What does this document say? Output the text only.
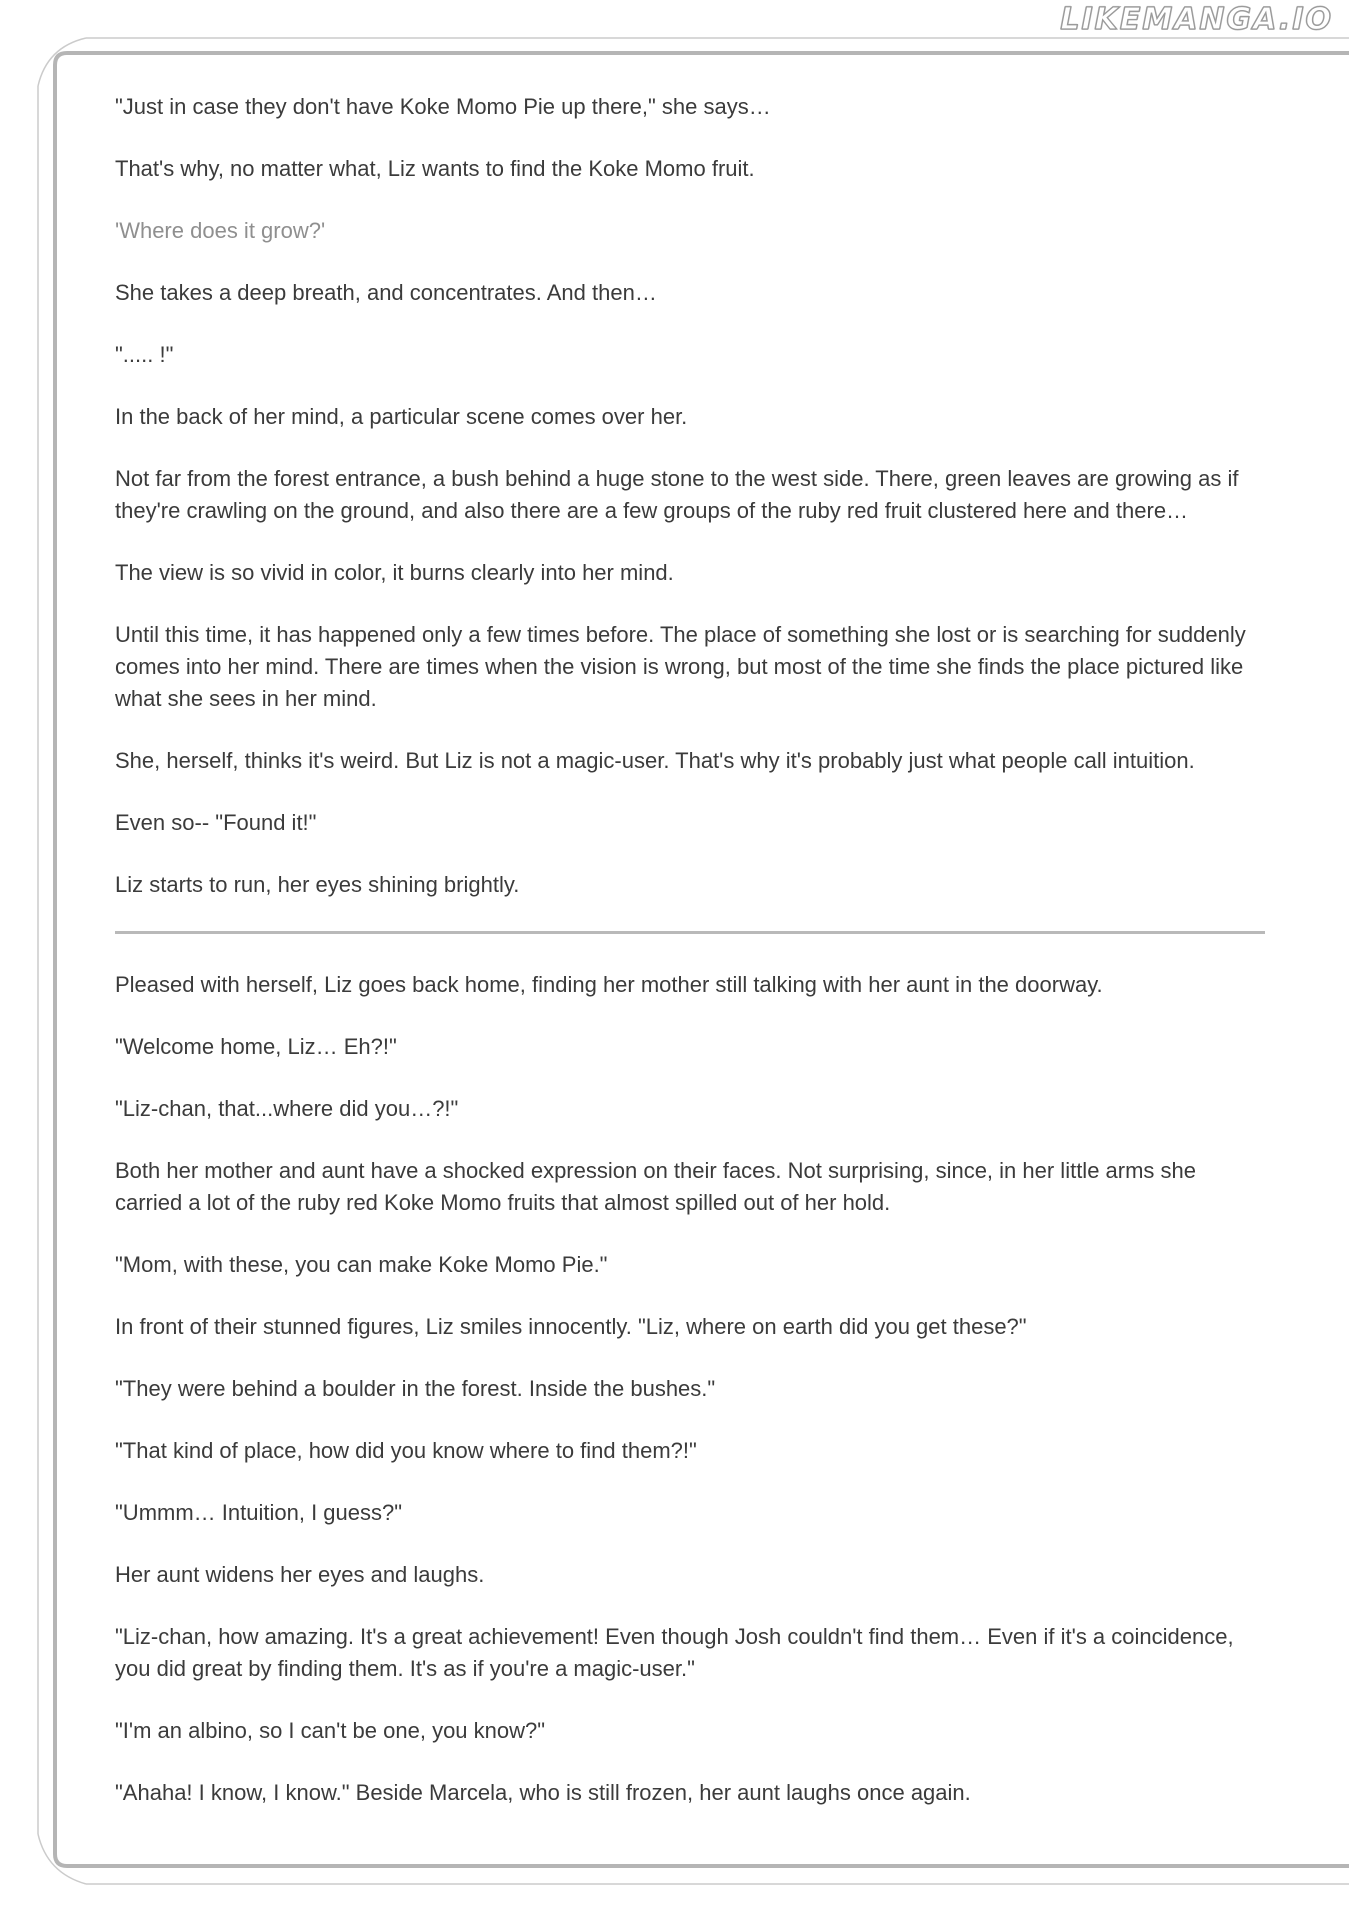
LIKEMANGA.IO

"Just in case they don't have Koke Momo Pie up there," she says…

That's why, no matter what, Liz wants to find the Koke Momo fruit.

'Where does it grow?'

She takes a deep breath, and concentrates. And then…

"..... !"

In the back of her mind, a particular scene comes over her.

Not far from the forest entrance, a bush behind a huge stone to the west side. There, green leaves are growing as if they're crawling on the ground, and also there are a few groups of the ruby red fruit clustered here and there…

The view is so vivid in color, it burns clearly into her mind.

Until this time, it has happened only a few times before. The place of something she lost or is searching for suddenly comes into her mind. There are times when the vision is wrong, but most of the time she finds the place pictured like what she sees in her mind.

She, herself, thinks it's weird. But Liz is not a magic-user. That's why it's probably just what people call intuition.

Even so-- "Found it!"

Liz starts to run, her eyes shining brightly.

Pleased with herself, Liz goes back home, finding her mother still talking with her aunt in the doorway.

"Welcome home, Liz… Eh?!"

"Liz-chan, that...where did you…?!"

Both her mother and aunt have a shocked expression on their faces. Not surprising, since, in her little arms she carried a lot of the ruby red Koke Momo fruits that almost spilled out of her hold.

"Mom, with these, you can make Koke Momo Pie."

In front of their stunned figures, Liz smiles innocently. "Liz, where on earth did you get these?"

"They were behind a boulder in the forest. Inside the bushes."

"That kind of place, how did you know where to find them?!"

"Ummm… Intuition, I guess?"

Her aunt widens her eyes and laughs.

"Liz-chan, how amazing. It's a great achievement! Even though Josh couldn't find them… Even if it's a coincidence, you did great by finding them. It's as if you're a magic-user."

"I'm an albino, so I can't be one, you know?"

"Ahaha! I know, I know." Beside Marcela, who is still frozen, her aunt laughs once again.
